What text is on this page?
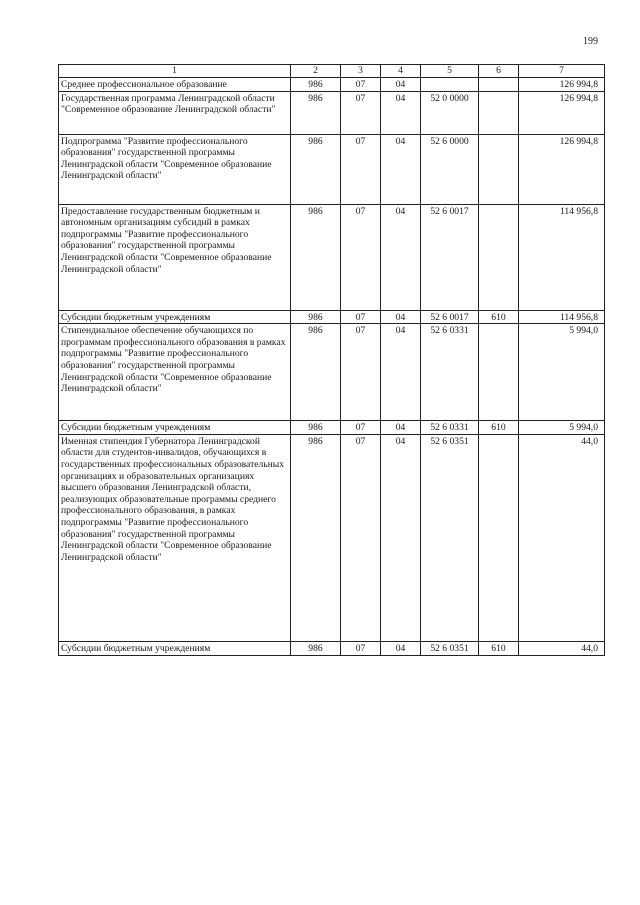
199
1	2	3	4	5	6	7
Среднее профессиональное образование	986	07	04			126 994,8
Государственная программа Ленинградской области "Современное образование Ленинградской области"	986	07	04	52 0 0000		126 994,8
Подпрограмма "Развитие профессионального образования" государственной программы Ленинградской области "Современное образование Ленинградской области"	986	07	04	52 6 0000		126 994,8
Предоставление государственным бюджетным и автономным организациям субсидий в рамках подпрограммы "Развитие профессионального образования" государственной программы Ленинградской области "Современное образование Ленинградской области"	986	07	04	52 6 0017		114 956,8
Субсидии бюджетным учреждениям	986	07	04	52 6 0017	610	114 956,8
Стипендиальное обеспечение обучающихся по программам профессионального образования в рамках подпрограммы "Развитие профессионального образования" государственной программы Ленинградской области "Современное образование Ленинградской области"	986	07	04	52 6 0331		5 994,0
Субсидии бюджетным учреждениям	986	07	04	52 6 0331	610	5 994,0
Именная стипендия Губернатора Ленинградской области для студентов-инвалидов, обучающихся в государственных профессиональных образовательных организациях и образовательных организациях высшего образования Ленинградской области, реализующих образовательные программы среднего профессионального образования, в рамках подпрограммы "Развитие профессионального образования" государственной программы Ленинградской области "Современное образование Ленинградской области"	986	07	04	52 6 0351		44,0
Субсидии бюджетным учреждениям	986	07	04	52 6 0351	610	44,0
